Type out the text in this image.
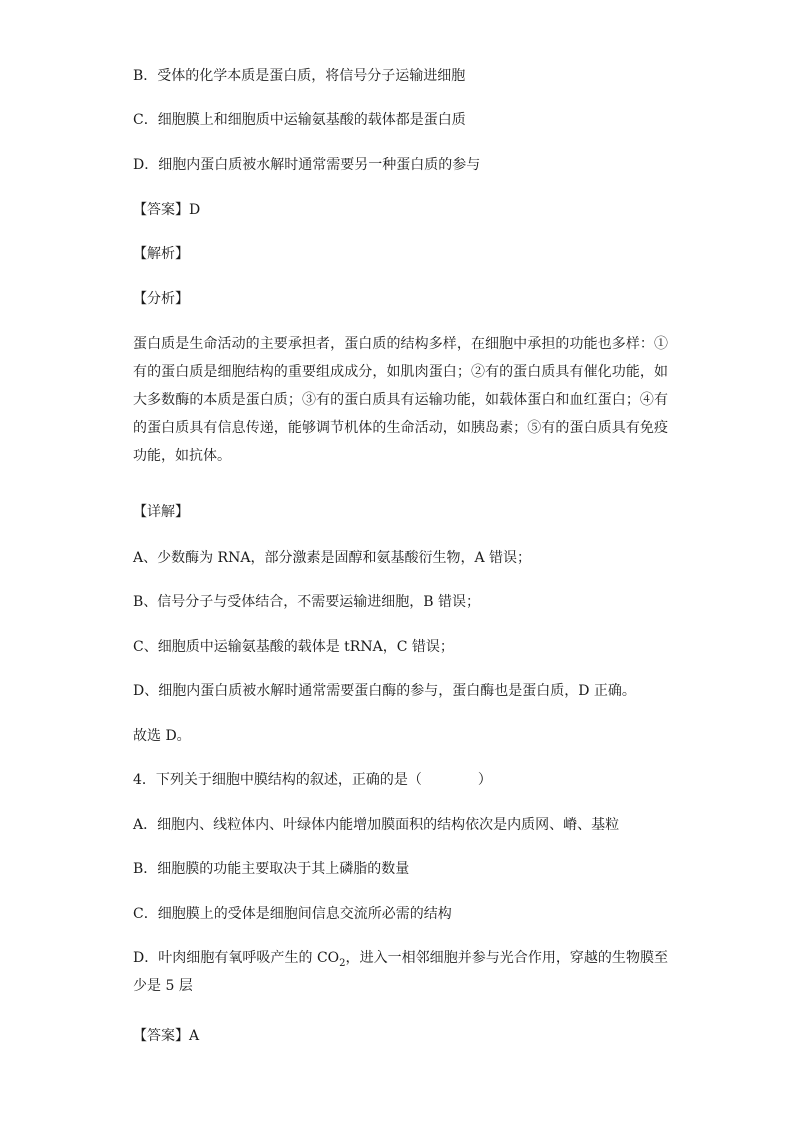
B．受体的化学本质是蛋白质，将信号分子运输进细胞
C．细胞膜上和细胞质中运输氨基酸的载体都是蛋白质
D．细胞内蛋白质被水解时通常需要另一种蛋白质的参与
【答案】D
【解析】
【分析】
蛋白质是生命活动的主要承担者，蛋白质的结构多样，在细胞中承担的功能也多样：①有的蛋白质是细胞结构的重要组成成分，如肌肉蛋白；②有的蛋白质具有催化功能，如大多数酶的本质是蛋白质；③有的蛋白质具有运输功能，如载体蛋白和血红蛋白；④有的蛋白质具有信息传递，能够调节机体的生命活动，如胰岛素；⑤有的蛋白质具有免疫功能，如抗体。
【详解】
A、少数酶为 RNA，部分激素是固醇和氨基酸衍生物，A 错误；
B、信号分子与受体结合，不需要运输进细胞，B 错误；
C、细胞质中运输氨基酸的载体是 tRNA，C 错误；
D、细胞内蛋白质被水解时通常需要蛋白酶的参与，蛋白酶也是蛋白质，D 正确。
故选 D。
4．下列关于细胞中膜结构的叙述，正确的是（　　　　）
A．细胞内、线粒体内、叶绿体内能增加膜面积的结构依次是内质网、嵴、基粒
B．细胞膜的功能主要取决于其上磷脂的数量
C．细胞膜上的受体是细胞间信息交流所必需的结构
D．叶肉细胞有氧呼吸产生的 $CO_2$，进入一相邻细胞并参与光合作用，穿越的生物膜至少是 5 层
【答案】A
